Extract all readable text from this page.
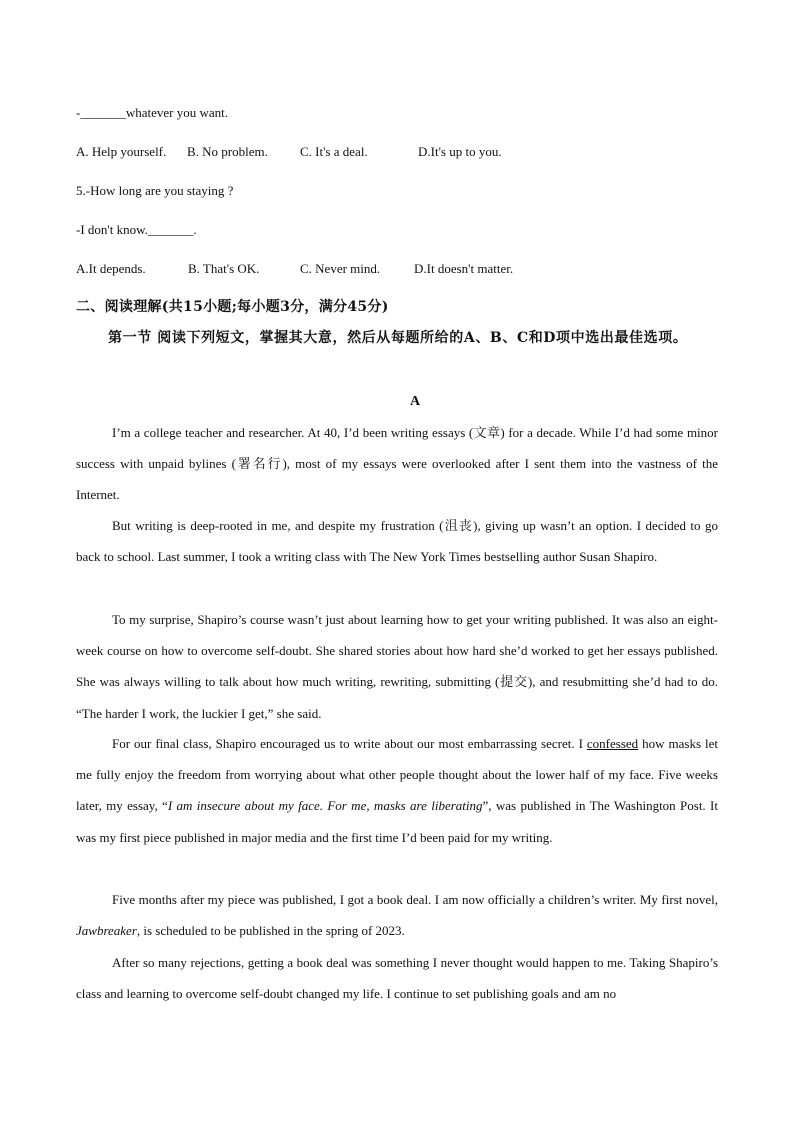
-_______whatever you want.
A. Help yourself. B. No problem. C. It's a deal.	D.It's up to you.
5.-How long are you staying ?
-I don't know._______.
A.It depends.	B. That's OK.	C. Never mind.	D.It doesn't matter.
二、阅读理解(共15小题;每小题3分，满分45分)
第一节 阅读下列短文，掌握其大意，然后从每题所给的A、B、C和D项中选出最佳选项。
A
I’m a college teacher and researcher. At 40, I’d been writing essays (文章) for a decade. While I’d had some minor success with unpaid bylines (署名行), most of my essays were overlooked after I sent them into the vastness of the Internet.
But writing is deep-rooted in me, and despite my frustration (沮丧), giving up wasn’t an option. I decided to go back to school. Last summer, I took a writing class with The New York Times bestselling author Susan Shapiro.
To my surprise, Shapiro’s course wasn’t just about learning how to get your writing published. It was also an eight-week course on how to overcome self-doubt. She shared stories about how hard she’d worked to get her essays published. She was always willing to talk about how much writing, rewriting, submitting (提交), and resubmitting she’d had to do. “The harder I work, the luckier I get,” she said.
For our final class, Shapiro encouraged us to write about our most embarrassing secret. I confessed how masks let me fully enjoy the freedom from worrying about what other people thought about the lower half of my face. Five weeks later, my essay, “I am insecure about my face. For me, masks are liberating”, was published in The Washington Post. It was my first piece published in major media and the first time I’d been paid for my writing.
Five months after my piece was published, I got a book deal. I am now officially a children’s writer. My first novel, Jawbreaker, is scheduled to be published in the spring of 2023.
After so many rejections, getting a book deal was something I never thought would happen to me. Taking Shapiro’s class and learning to overcome self-doubt changed my life. I continue to set publishing goals and am no
